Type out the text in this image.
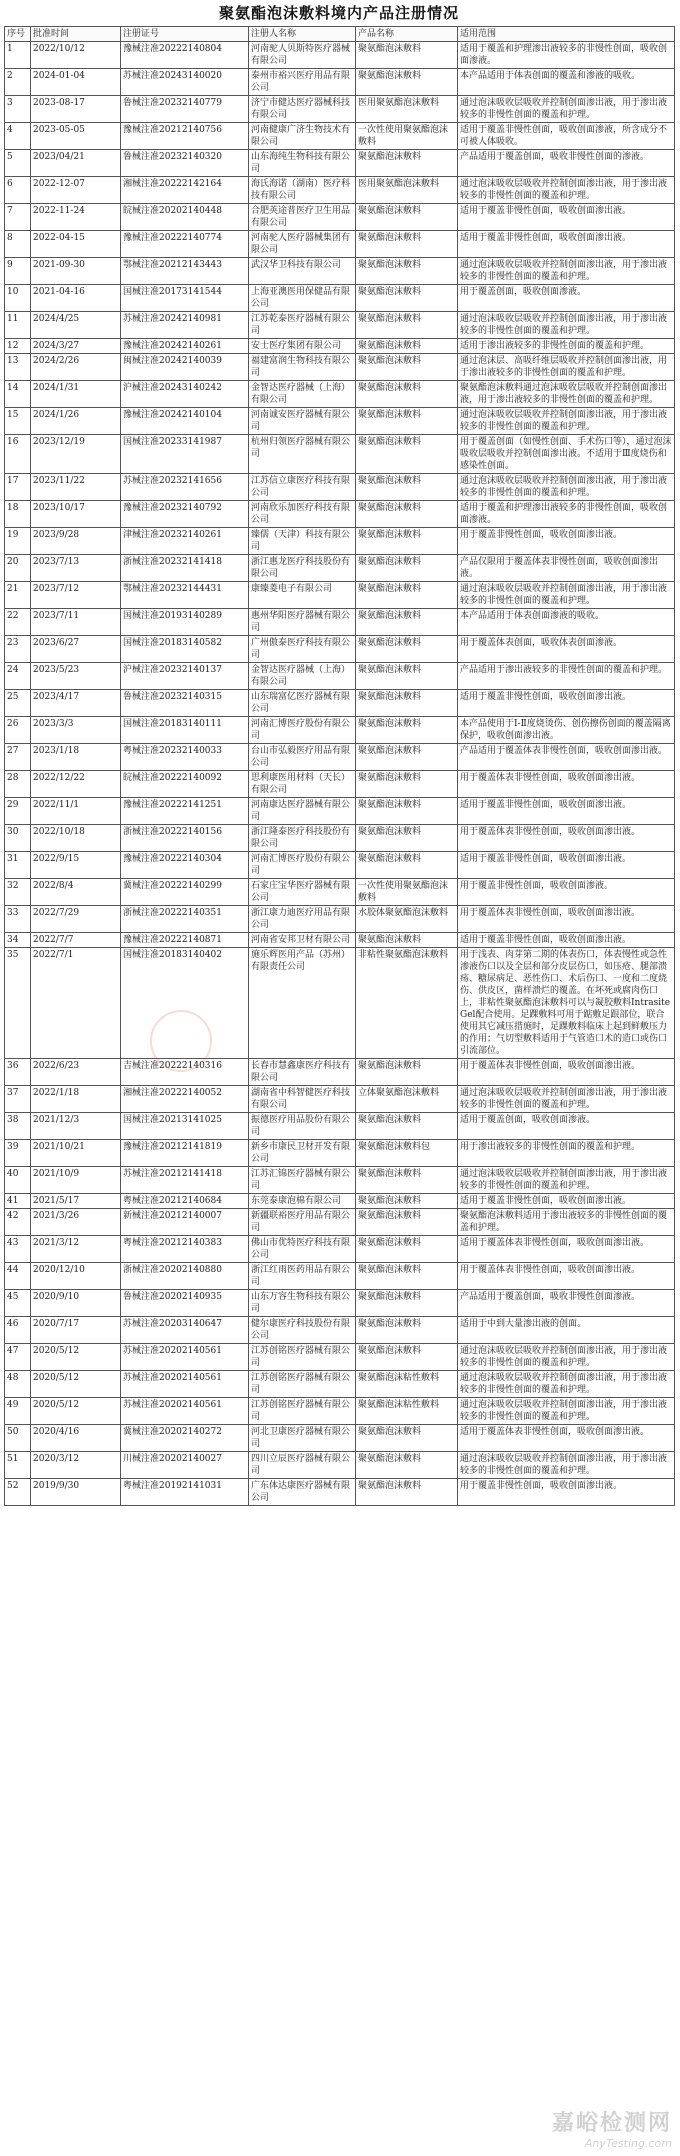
聚氨酯泡沫敷料境内产品注册情况
序号	批准时间	注册证号	注册人名称	产品名称	适用范围
1	2022/10/12	豫械注准20222140804	河南驼人贝斯特医疗器械有限公司	聚氨酯泡沫敷料	适用于覆盖和护理渗出液较多的非慢性创面，吸收创面渗液。
2	2024-01-04	苏械注准20243140020	泰州市裕兴医疗用品有限公司	聚氨酯泡沫敷料	本产品适用于体表创面的覆盖和渗液的吸收。
3	2023-08-17	鲁械注准20232140779	济宁市健达医疗器械科技有限公司	医用聚氨酯泡沫敷料	通过泡沫吸收层吸收并控制创面渗出液，用于渗出液较多的非慢性创面的覆盖和护理。
4	2023-05-05	豫械注准20212140756	河南健康广济生物技术有限公司	一次性使用聚氨酯泡沫敷料	适用于覆盖非慢性创面，吸收创面渗液，所含成分不可被人体吸收。
5	2023/04/21	鲁械注准20232140320	山东海纯生物科技有限公司	聚氨酯泡沫敷料	产品适用于覆盖创面，吸收非慢性创面的渗液。
6	2022-12-07	湘械注准20222142164	海氏海诺（湖南）医疗科技有限公司	医用聚氨酯泡沫敷料	通过泡沫吸收层吸收并控制创面渗出液，用于渗出液较多的非慢性创面的覆盖和护理。
7	2022-11-24	皖械注准20202140448	合肥英途普医疗卫生用品有限公司	聚氨酯泡沫敷料	适用于覆盖非慢性创面，吸收创面渗出液。
8	2022-04-15	豫械注准20222140774	河南驼人医疗器械集团有限公司	聚氨酯泡沫敷料	适用于覆盖非慢性创面，吸收创面渗出液。
9	2021-09-30	鄂械注准20212143443	武汉华卫科技有限公司	聚氨酯泡沫敷料	通过泡沫吸收层吸收并控制创面渗出液，用于渗出液较多的非慢性创面的覆盖和护理。
10	2021-04-16	国械注准20173141544	上海亚澳医用保健品有限公司	聚氨酯泡沫敷料	用于覆盖创面，吸收创面渗液。
11	2024/4/25	苏械注准20242140981	江苏乾泰医疗器械有限公司	聚氨酯泡沫敷料	通过泡沫吸收层吸收并控制创面渗出液，用于渗出液较多的非慢性创面的覆盖和护理。
12	2024/3/27	豫械注准20242140261	安士医疗集团有限公司	聚氨酯泡沫敷料	适用于渗出液较多的非慢性创面的覆盖和护理。
13	2024/2/26	闽械注准20242140039	福建富润生物科技有限公司	聚氨酯泡沫敷料	通过泡沫层、高吸纤维层吸收并控制创面渗出液，用于渗出液较多的非慢性创面的覆盖和护理。
14	2024/1/31	沪械注准20243140242	金智达医疗器械（上海）有限公司	聚氨酯泡沫敷料	聚氨酯泡沫敷料通过泡沫吸收层吸收并控制创面渗出液，用于渗出液较多的非慢性创面的覆盖和护理。
15	2024/1/26	豫械注准20242140104	河南诚安医疗器械有限公司	聚氨酯泡沫敷料	通过泡沫吸收层吸收并控制创面渗出液，用于渗出液较多的非慢性创面的覆盖和护理。
16	2023/12/19	国械注准20233141987	杭州归领医疗器械有限公司	聚氨酯泡沫敷料	用于覆盖创面（如慢性创面、手术伤口等），通过泡沫吸收层吸收并控制创面渗出液。不适用于Ⅲ度烧伤和感染性创面。
17	2023/11/22	苏械注准20232141656	江苏信立康医疗科技有限公司	聚氨酯泡沫敷料	通过泡沫吸收层吸收并控制创面渗出液，用于渗出液较多的非慢性创面的覆盖和护理。
18	2023/10/17	豫械注准20232140792	河南欣乐加医疗科技有限公司	聚氨酯泡沫敷料	适用于覆盖和护理渗出液较多的非慢性创面，吸收创面渗液。
19	2023/9/28	津械注准20232140261	臻儒（天津）科技有限公司	聚氨酯泡沫敷料	用于覆盖非慢性创面，吸收创面渗出液。
20	2023/7/13	浙械注准20232141418	浙江惠龙医疗科技股份有限公司	聚氨酯泡沫敷料	产品仅限用于覆盖体表非慢性创面，吸收创面渗出液。
21	2023/7/12	鄂械注准20232144431	康臻菱电子有限公司	聚氨酯泡沫敷料	通过泡沫吸收层吸收并控制创面渗出液，用于渗出液较多的非慢性创面的覆盖和护理。
22	2023/7/11	国械注准20193140289	惠州华阳医疗器械有限公司	聚氨酯泡沫敷料	本产品适用于体表创面渗液的吸收。
23	2023/6/27	国械注准20183140582	广州傲泰医疗科技有限公司	聚氨酯泡沫敷料	用于覆盖体表创面，吸收体表创面渗液。
24	2023/5/23	沪械注准20232140137	金智达医疗器械（上海）有限公司	聚氨酯泡沫敷料	产品适用于渗出液较多的非慢性创面的覆盖和护理。
25	2023/4/17	鲁械注准20232140315	山东瑞富亿医疗器械有限公司	聚氨酯泡沫敷料	适用于覆盖非慢性创面，吸收创面渗出液。
26	2023/3/3	国械注准20183140111	河南汇博医疗股份有限公司	聚氨酯泡沫敷料	本产品使用于Ⅰ-Ⅱ度烧烫伤、创伤擦伤创面的覆盖隔离保护，吸收创面渗出液。
27	2023/1/18	粤械注准20232140033	台山市弘毅医疗用品有限公司	聚氨酯泡沫敷料	产品适用于覆盖体表非慢性创面，吸收创面渗出液。
28	2022/12/22	皖械注准20222140092	思利康医用材料（天长）有限公司	聚氨酯泡沫敷料	用于覆盖体表非慢性创面，吸收创面渗出液。
29	2022/11/1	豫械注准20222141251	河南康达医疗器械有限公司	聚氨酯泡沫敷料	适用于覆盖非慢性创面，吸收创面渗出液。
30	2022/10/18	浙械注准20222140156	浙江隆泰医疗科技股份有限公司	聚氨酯泡沫敷料	用于覆盖体表非慢性创面，吸收创面渗出液。
31	2022/9/15	豫械注准20222140304	河南汇博医疗股份有限公司	聚氨酯泡沫敷料	适用于覆盖非慢性创面，吸收创面渗出液。
32	2022/8/4	冀械注准20222140299	石家庄宝华医疗器械有限公司	一次性使用聚氨酯泡沫敷料	用于覆盖非慢性创面，吸收创面渗液。
33	2022/7/29	浙械注准20222140351	浙江康力迪医疗用品有限公司	水胶体聚氨酯泡沫敷料	用于覆盖体表非慢性创面，吸收创面渗出液。
34	2022/7/7	豫械注准20222140871	河南省安邦卫材有限公司	聚氨酯泡沫敷料	适用于覆盖非慢性创面，吸收创面渗出液。
35	2022/7/1	国械注准20183140402	施乐辉医用产品（苏州）有限责任公司	非粘性聚氨酯泡沫敷料	用于浅表、肉芽第二期的体表伤口，体表慢性或急性渗液伤口以及全层和部分皮层伤口，如压疮、腿部溃疡、糖尿病足、恶性伤口、术后伤口、一度和二度烧伤、供皮区，菌样溃烂的覆盖。在坏死或腐肉伤口上，非粘性聚氨酯泡沫敷料可以与凝胶敷料Intrasite Gel配合使用。足踝敷料可用于踮敷足跟部位，联合使用其它减压措施时，足踝敷料临床上起到鲜敷压力的作用；气切型敷料适用于气管造口术的造口或伤口引流部位。
36	2022/6/23	吉械注准20222140316	长春市慧鑫康医疗科技有限公司	聚氨酯泡沫敷料	用于覆盖体表非慢性创面，吸收创面渗出液。
37	2022/1/18	湘械注准20222140052	湖南省中科智健医疗科技有限公司	立体聚氨酯泡沫敷料	通过泡沫吸收层吸收并控制创面渗出液，用于渗出液较多的非慢性创面的覆盖和护理。
38	2021/12/3	国械注准20213141025	振德医疗用品股份有限公司	聚氨酯泡沫敷料	适用于覆盖创面，吸收创面渗液。
39	2021/10/21	豫械注准20212141819	新乡市康民卫材开发有限公司	聚氨酯泡沫敷料包	用于渗出液较多的非慢性创面的覆盖和护理。
40	2021/10/9	苏械注准20212141418	江苏汇锦医疗器械有限公司	聚氨酯泡沫敷料	通过泡沫吸收层吸收并控制创面渗出液，用于渗出液较多的非慢性创面的覆盖和护理。
41	2021/5/17	粤械注准20212140684	东莞泰康泡棉有限公司	聚氨酯泡沫敷料	适用于覆盖非慢性创面，吸收创面渗出液。
42	2021/3/26	新械注准20212140007	新疆联裕医疗用品有限公司	聚氨酯泡沫敷料	聚氨酯泡沫敷料适用于渗出液较多的非慢性创面的覆盖和护理。
43	2021/3/12	粤械注准20212140383	佛山市优特医疗科技有限公司	聚氨酯泡沫敷料	适用于覆盖体表非慢性创面，吸收创面渗出液。
44	2020/12/10	浙械注准20202140880	浙江红雨医药用品有限公司	聚氨酯泡沫敷料	用于覆盖体表非慢性创面，吸收创面渗出液。
45	2020/9/10	鲁械注准20202140935	山东万容生物科技有限公司	聚氨酯泡沫敷料	产品适用于覆盖创面，吸收非慢性创面渗液。
46	2020/7/17	苏械注准20203140647	健尔康医疗科技股份有限公司	聚氨酯泡沫敷料	适用于中到大量渗出液的创面。
47	2020/5/12	苏械注准20202140561	江苏创铭医疗器械有限公司	聚氨酯泡沫敷料	通过泡沫吸收层吸收并控制创面渗出液，用于渗出液较多的非慢性创面的覆盖和护理。
48	2020/5/12	苏械注准20202140561	江苏创铭医疗器械有限公司	聚氨酯泡沫粘性敷料	通过泡沫吸收层吸收并控制创面渗出液，用于渗出液较多的非慢性创面的覆盖和护理。
49	2020/5/12	苏械注准20202140561	江苏创铭医疗器械有限公司	聚氨酯泡沫粘性敷料	通过泡沫吸收层吸收并控制创面渗出液，用于渗出液较多的非慢性创面的覆盖和护理。
50	2020/4/16	冀械注准20202140272	河北卫康医疗器械有限公司	聚氨酯泡沫敷料	适用于覆盖体表非慢性创面，吸收创面渗出液。
51	2020/3/12	川械注准20202140027	四川立辰医疗器械有限公司	聚氨酯泡沫敷料	通过泡沫吸收层吸收并控制创面渗出液，用于渗出液较多的非慢性创面的覆盖和护理。
52	2019/9/30	粤械注准20192141031	广东体达康医疗器械有限公司	聚氨酯泡沫敷料	用于覆盖非慢性创面，吸收创面渗出液。
嘉峪检测网
AnyTesting.com
